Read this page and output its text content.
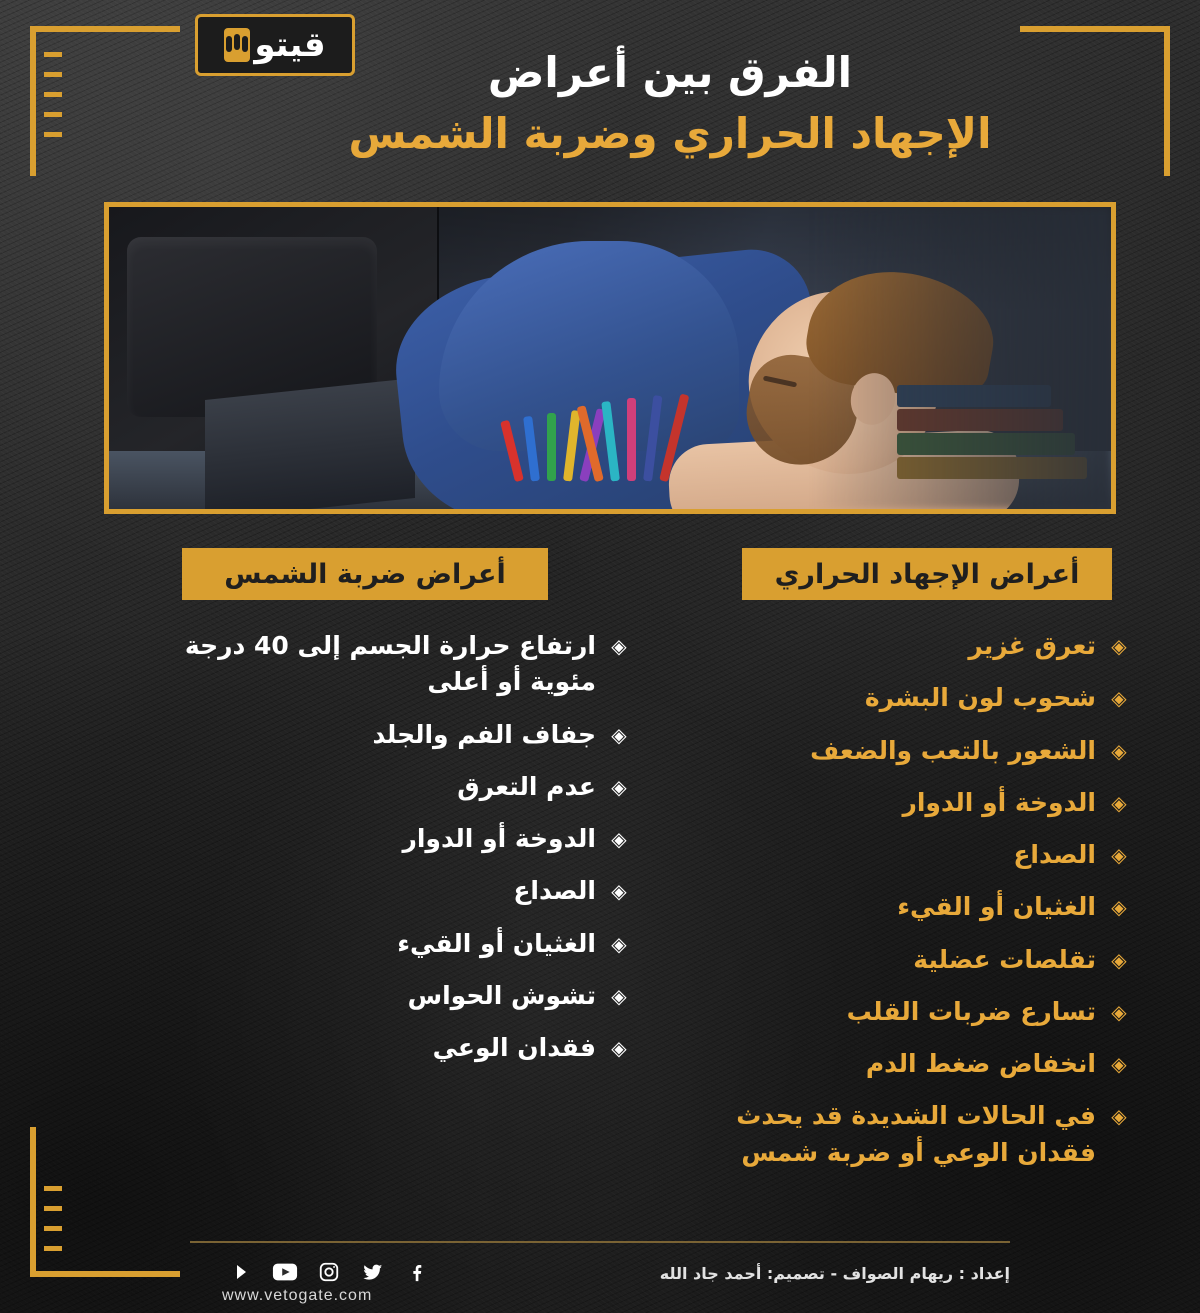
قيتو
الفرق بين أعراض
الإجهاد الحراري وضربة الشمس
أعراض الإجهاد الحراري
أعراض ضربة الشمس
◈
تعرق غزير
◈
شحوب لون البشرة
◈
الشعور بالتعب والضعف
◈
الدوخة أو الدوار
◈
الصداع
◈
الغثيان أو القيء
◈
تقلصات عضلية
◈
تسارع ضربات القلب
◈
انخفاض ضغط الدم
◈
في الحالات الشديدة قد يحدث فقدان الوعي أو ضربة شمس
◈
ارتفاع حرارة الجسم إلى 40 درجة مئوية أو أعلى
◈
جفاف الفم والجلد
◈
عدم التعرق
◈
الدوخة أو الدوار
◈
الصداع
◈
الغثيان أو القيء
◈
تشوش الحواس
◈
فقدان الوعي
www.vetogate.com
إعداد : ريهام الصواف - تصميم: أحمد جاد الله
